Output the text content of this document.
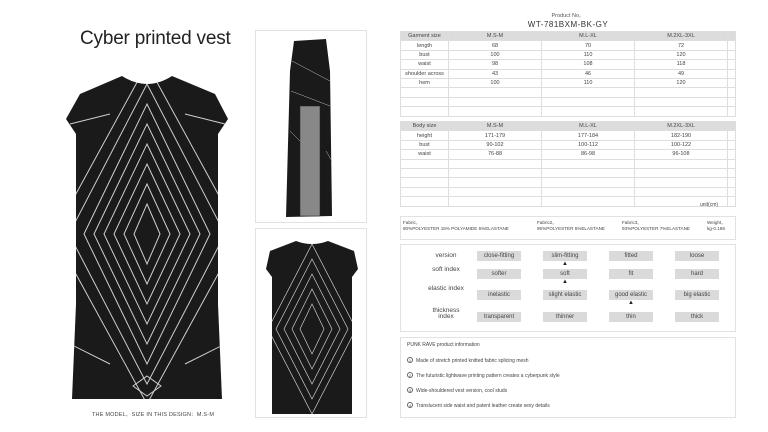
Cyber printed vest
THE MODEL、SIZE IN THIS DESIGN：M.S-M
Product No。
WT-781BXM-BK-GY
Garment size	M.S-M	M.L-XL	M.2XL-3XL	
length	68	70	72	
bust	100	110	120	
waist	98	108	118	
shoulder across	43	46	49	
hem	100	110	120	

Body size	M.S-M	M.L-XL	M.2XL-3XL	
height	171-179	177-184	182-190	
bust	90-102	100-112	100-122	
waist	76-88	86-98	96-108	

unit(cm)
Fabric。
80%POLYESTER 15% POLYAMIDE 5%ELASTANE
Fabric2。
95%POLYESTER 5%ELASTANE
Fabric3。
93%POLYESTER 7%ELASTANE
Weight。
kg-0.168
version	close-fitting	slim-fitting	fitted	loose
▲
soft index
softer	soft	fit	hard
▲
elastic index
inelastic	slight elastic	good elastic	big elastic
▲
thickness index	transparent	thinner	thin	thick
PUNK RAVE product information
1 Made of stretch printed knitted fabric splicing mesh
2 The futuristic lightwave printing pattern creates a cyberpunk style
3 Wide-shouldered vest version, cool studs
4 Translucent side waist and patent leather create sexy details
